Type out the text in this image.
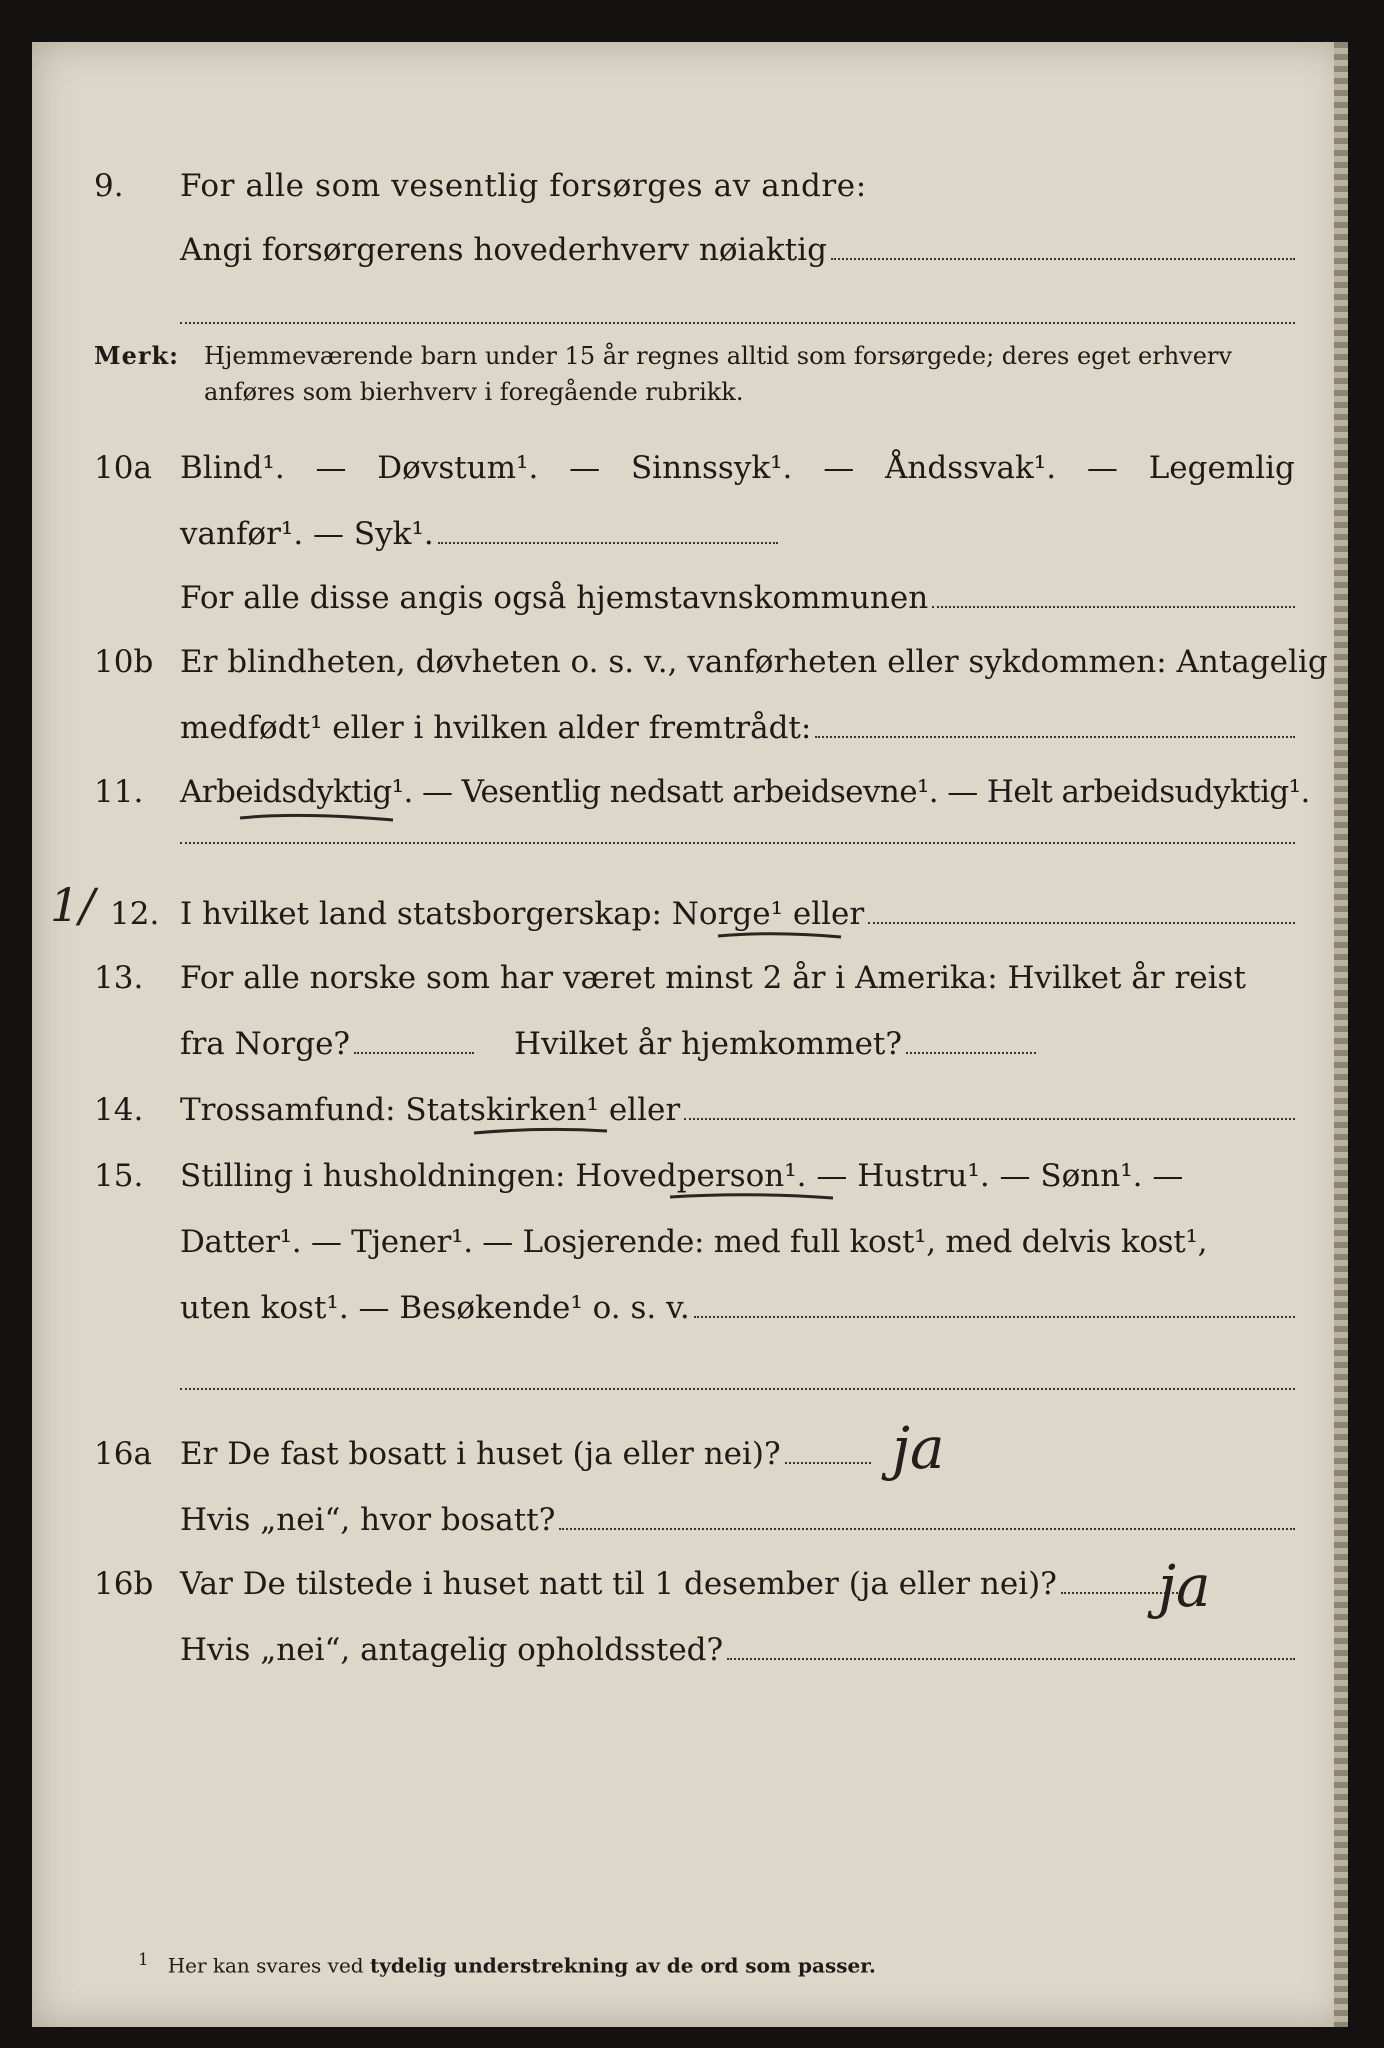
9.	For alle som vesentlig forsørges av andre:
Angi forsørgerens hovederhverv nøiaktig
Merk: Hjemmeværende barn under 15 år regnes alltid som forsørgede; deres eget erhverv
anføres som bierhverv i foregående rubrikk.
10a Blind¹. — Døvstum¹. — Sinnssyk¹. — Åndssvak¹. — Legemlig
vanfør¹. — Syk¹.
For alle disse angis også hjemstavnskommunen
10b Er blindheten, døvheten o. s. v., vanførheten eller sykdommen: Antagelig
medfødt¹ eller i hvilken alder fremtrådt:
11.	Arbeidsdyktig¹. — Vesentlig nedsatt arbeidsevne¹. — Helt arbeidsudyktig¹.
1/ 12. I hvilket land statsborgerskap: Norge¹ eller
13.	For alle norske som har været minst 2 år i Amerika: Hvilket år reist
fra Norge?	Hvilket år hjemkommet?
14.	Trossamfund: Statskirken¹ eller
15.	Stilling i husholdningen: Hovedperson¹. — Hustru¹. — Sønn¹. —
Datter¹. — Tjener¹. — Losjerende: med full kost¹, med delvis kost¹,
uten kost¹. — Besøkende¹ o. s. v.
16a Er De fast bosatt i huset (ja eller nei)? ja
Hvis „nei“, hvor bosatt?
16b Var De tilstede i huset natt til 1 desember (ja eller nei)? ja
Hvis „nei“, antagelig opholdssted?
$^1$ Her kan svares ved tydelig understrekning av de ord som passer.
